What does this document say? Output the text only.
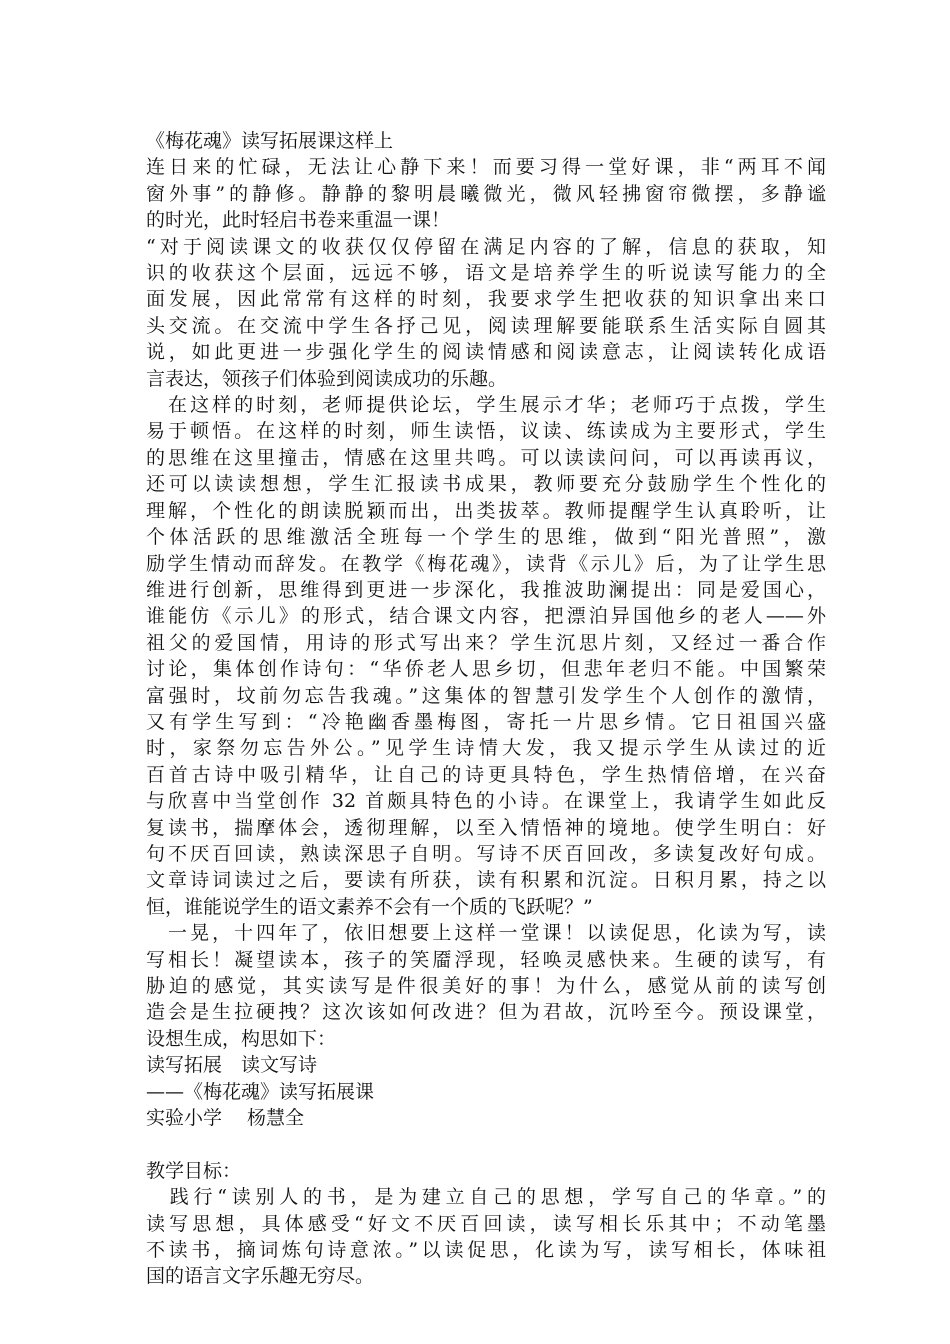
《梅花魂》读写拓展课这样上
连日来的忙碌，无法让心静下来！而要习得一堂好课，非“两耳不闻
窗外事”的静修。静静的黎明晨曦微光，微风轻拂窗帘微摆，多静谧
的时光，此时轻启书卷来重温一课！
“对于阅读课文的收获仅仅停留在满足内容的了解，信息的获取，知
识的收获这个层面，远远不够，语文是培养学生的听说读写能力的全
面发展，因此常常有这样的时刻，我要求学生把收获的知识拿出来口
头交流。在交流中学生各抒己见，阅读理解要能联系生活实际自圆其
说，如此更进一步强化学生的阅读情感和阅读意志，让阅读转化成语
言表达，领孩子们体验到阅读成功的乐趣。
　在这样的时刻，老师提供论坛，学生展示才华；老师巧于点拨，学生
易于顿悟。在这样的时刻，师生读悟，议读、练读成为主要形式，学生
的思维在这里撞击，情感在这里共鸣。可以读读问问，可以再读再议，
还可以读读想想，学生汇报读书成果，教师要充分鼓励学生个性化的
理解，个性化的朗读脱颖而出，出类拔萃。教师提醒学生认真聆听，让
个体活跃的思维激活全班每一个学生的思维，做到“阳光普照”，激
励学生情动而辞发。在教学《梅花魂》，读背《示儿》后，为了让学生思
维进行创新，思维得到更进一步深化，我推波助澜提出：同是爱国心，
谁能仿《示儿》的形式，结合课文内容，把漂泊异国他乡的老人——外
祖父的爱国情，用诗的形式写出来？学生沉思片刻，又经过一番合作
讨论，集体创作诗句：“华侨老人思乡切，但悲年老归不能。中国繁荣
富强时，坟前勿忘告我魂。”这集体的智慧引发学生个人创作的激情，
又有学生写到：“冷艳幽香墨梅图，寄托一片思乡情。它日祖国兴盛
时，家祭勿忘告外公。”见学生诗情大发，我又提示学生从读过的近
百首古诗中吸引精华，让自己的诗更具特色，学生热情倍增，在兴奋
与欣喜中当堂创作 32 首颇具特色的小诗。在课堂上，我请学生如此反
复读书，揣摩体会，透彻理解，以至入情悟神的境地。使学生明白：好
句不厌百回读，熟读深思子自明。写诗不厌百回改，多读复改好句成。
文章诗词读过之后，要读有所获，读有积累和沉淀。日积月累，持之以
恒，谁能说学生的语文素养不会有一个质的飞跃呢？”
　一晃，十四年了，依旧想要上这样一堂课！以读促思，化读为写，读
写相长！凝望读本，孩子的笑靥浮现，轻唤灵感快来。生硬的读写，有
胁迫的感觉，其实读写是件很美好的事！为什么，感觉从前的读写创
造会是生拉硬拽？这次该如何改进？但为君故，沉吟至今。预设课堂，
设想生成，构思如下：
读写拓展　读文写诗
——《梅花魂》读写拓展课
实验小学　 杨慧全
教学目标：
　践行“读别人的书，是为建立自己的思想，学写自己的华章。”的
读写思想，具体感受“好文不厌百回读，读写相长乐其中；不动笔墨
不读书，摘词炼句诗意浓。”以读促思，化读为写，读写相长，体味祖
国的语言文字乐趣无穷尽。
